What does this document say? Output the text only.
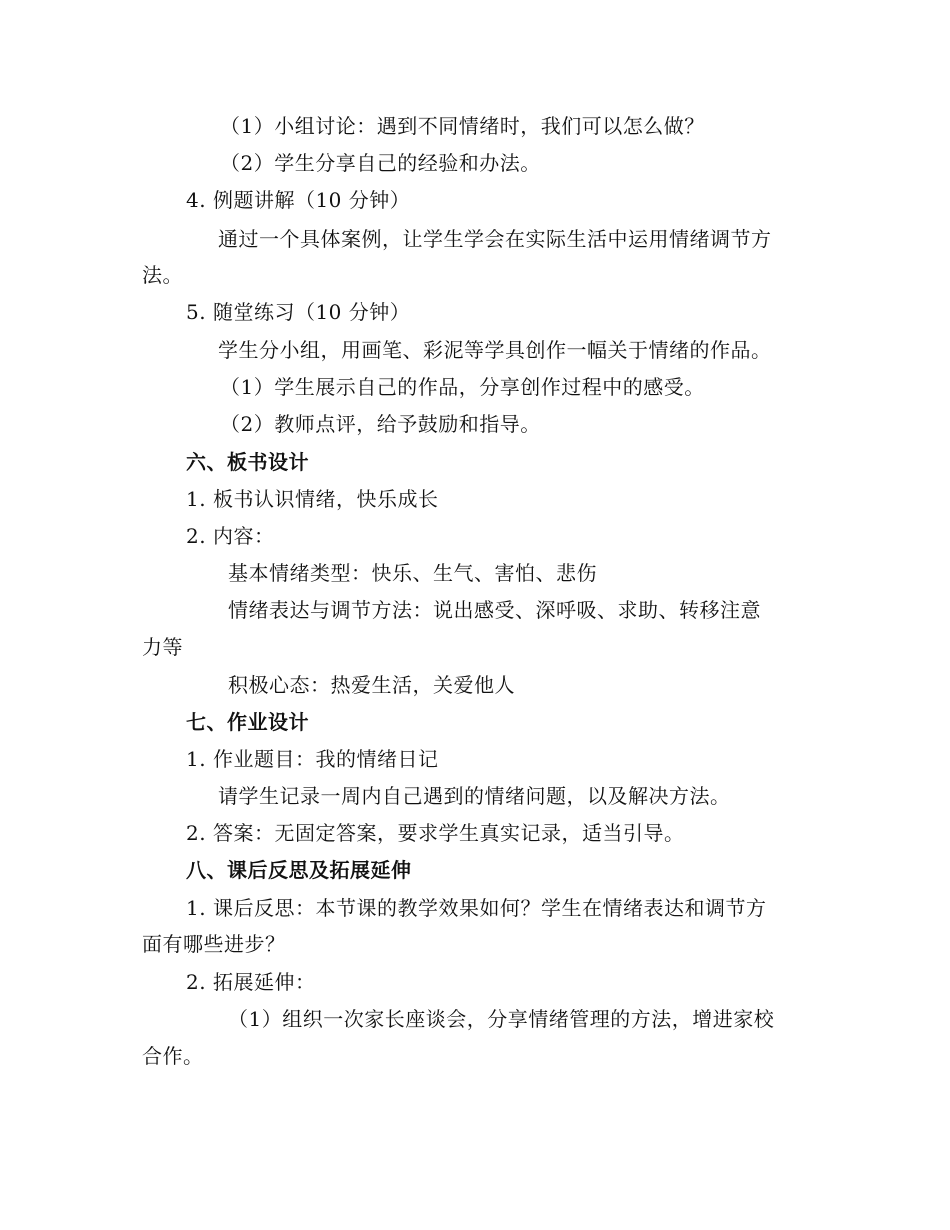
（1）小组讨论：遇到不同情绪时，我们可以怎么做？
（2）学生分享自己的经验和办法。
4. 例题讲解（10 分钟）
通过一个具体案例，让学生学会在实际生活中运用情绪调节方
法。
5. 随堂练习（10 分钟）
学生分小组，用画笔、彩泥等学具创作一幅关于情绪的作品。
（1）学生展示自己的作品，分享创作过程中的感受。
（2）教师点评，给予鼓励和指导。
六、板书设计
1. 板书认识情绪，快乐成长
2. 内容：
基本情绪类型：快乐、生气、害怕、悲伤
情绪表达与调节方法：说出感受、深呼吸、求助、转移注意
力等
积极心态：热爱生活，关爱他人
七、作业设计
1. 作业题目：我的情绪日记
请学生记录一周内自己遇到的情绪问题，以及解决方法。
2. 答案：无固定答案，要求学生真实记录，适当引导。
八、课后反思及拓展延伸
1. 课后反思：本节课的教学效果如何？学生在情绪表达和调节方
面有哪些进步？
2. 拓展延伸：
（1）组织一次家长座谈会，分享情绪管理的方法，增进家校
合作。
